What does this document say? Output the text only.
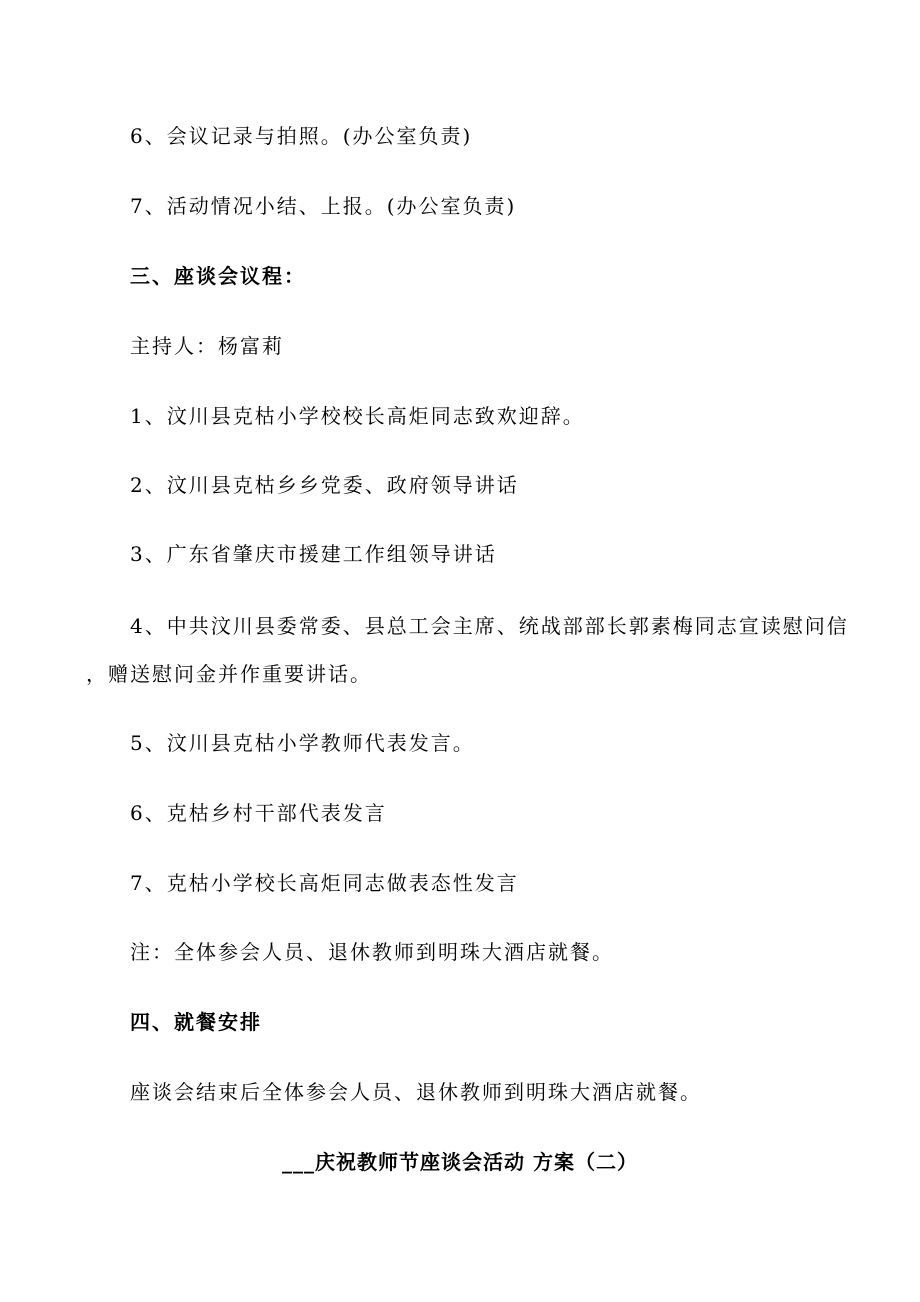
6、会议记录与拍照。(办公室负责)
7、活动情况小结、上报。(办公室负责)
三、座谈会议程：
主持人：杨富莉
1、汶川县克枯小学校校长高炬同志致欢迎辞。
2、汶川县克枯乡乡党委、政府领导讲话
3、广东省肇庆市援建工作组领导讲话
4、中共汶川县委常委、县总工会主席、统战部部长郭素梅同志宣读慰问信
，赠送慰问金并作重要讲话。
5、汶川县克枯小学教师代表发言。
6、克枯乡村干部代表发言
7、克枯小学校长高炬同志做表态性发言
注：全体参会人员、退休教师到明珠大酒店就餐。
四、就餐安排
座谈会结束后全体参会人员、退休教师到明珠大酒店就餐。
___庆祝教师节座谈会活动 方案（二）
